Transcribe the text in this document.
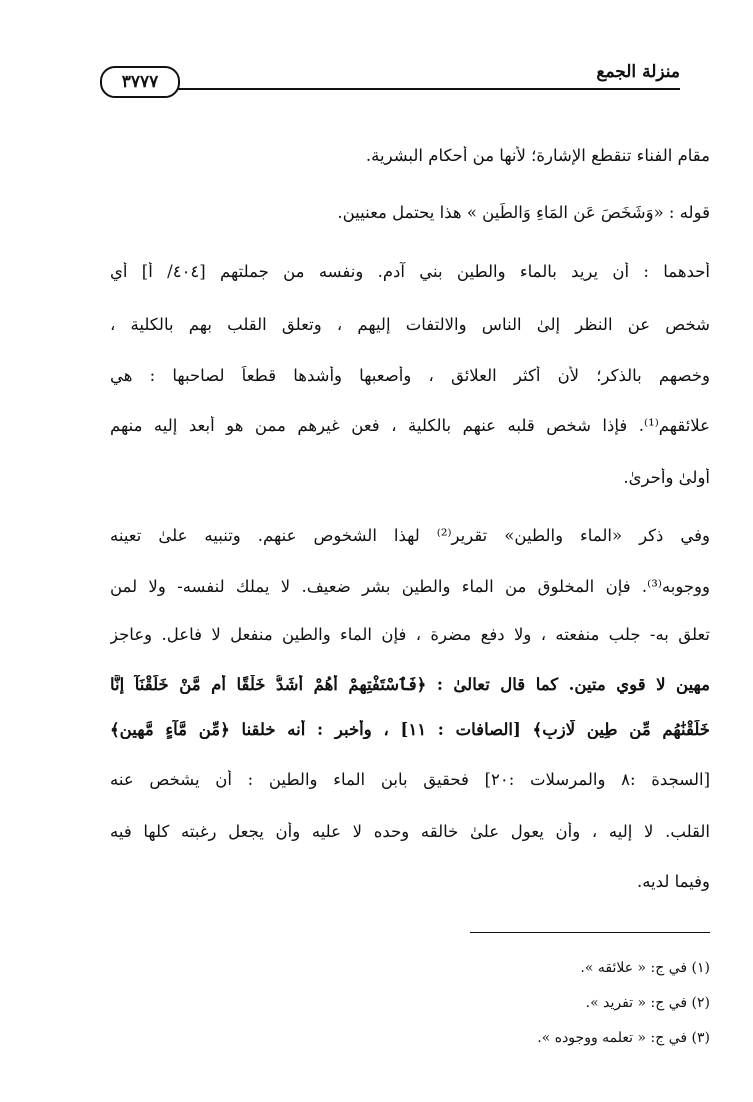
منزلة الجمع
٣٧٧٧
مقام الفناء تنقطع الإشارة؛ لأنها من أحكام البشرية.
قوله : «وَشَخَصَ عَنِ المَاءِ وَالطِّينِ » هذا يحتمل معنيين.
أحدهما : أن يريد بالماء والطين بني آدم. ونفسه من جملتهم [٤٠٤/ أ] أي
شخص عن النظر إلىٰ الناس والالتفات إليهم ، وتعلق القلب بهم بالكلية ،
وخصهم بالذكر؛ لأن أكثر العلائق ، وأصعبها وأشدها قطعاً لصاحبها : هي
علائقهم⁽¹⁾. فإذا شخص قلبه عنهم بالكلية ، فعن غيرهم ممن هو أبعد إليه منهم
أولىٰ وأحرىٰ.
وفي ذكر «الماء والطين» تقرير⁽²⁾ لهذا الشخوص عنهم. وتنبيه علىٰ تعينه
ووجوبه⁽³⁾. فإن المخلوق من الماء والطين بشر ضعيف. لا يملك لنفسه- ولا لمن
تعلق به- جلب منفعته ، ولا دفع مضرة ، فإن الماء والطين منفعل لا فاعل. وعاجز
مهين لا قوي متين. كما قال تعالىٰ : ﴿فَٱسْتَفْتِهِمْ أَهُمْ أَشَدُّ خَلْقًا أَم مَّنْ خَلَقْنَآ إِنَّا
خَلَقْنَٰهُم مِّن طِينٍ لَّازِبٍ﴾ [الصافات : ١١] ، وأخبر : أنه خلقنا ﴿مِّن مَّآءٍ مَّهِينٍ﴾
[السجدة :٨ والمرسلات :٢٠] فحقيق بابن الماء والطين : أن يشخص عنه
القلب. لا إليه ، وأن يعول علىٰ خالقه وحده لا عليه وأن يجعل رغبته كلها فيه
وفيما لديه.
(١) في ج: « علائقه ».
(٢) في ج: « تفريد ».
(٣) في ج: « تعلمه ووجوده ».
